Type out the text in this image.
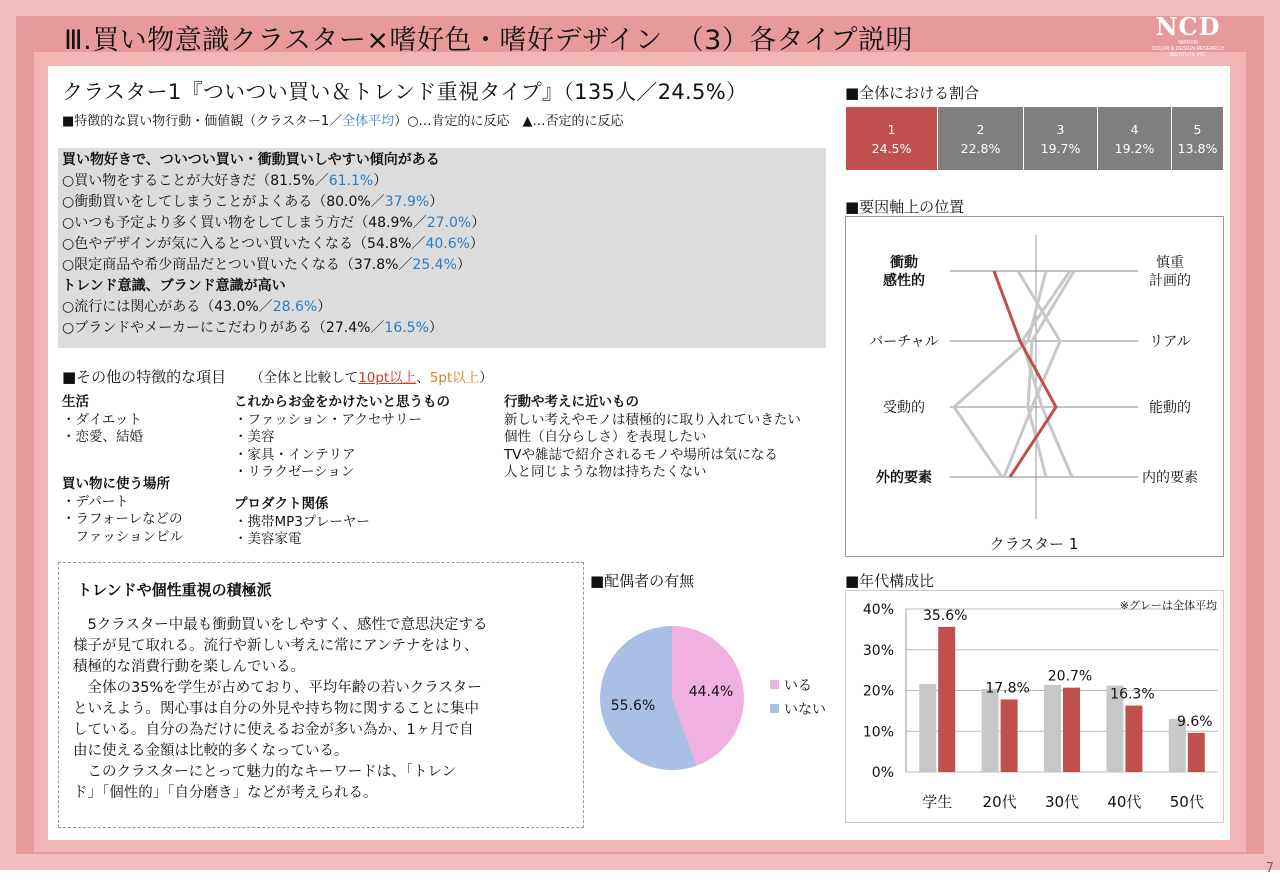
Ⅲ.買い物意識クラスター×嗜好色・嗜好デザイン　（3）各タイプ説明	NCD
NIPPON
COLOR & DESIGN RESEARCH
INSTITUTE INC.
クラスター1『ついつい買い＆トレンド重視タイプ』（135人／24.5%）
■特徴的な買い物行動・価値観（クラスター1／全体平均）○…肯定的に反応　▲…否定的に反応
買い物好きで、ついつい買い・衝動買いしやすい傾向がある
○買い物をすることが大好きだ（81.5%／61.1%）
○衝動買いをしてしまうことがよくある（80.0%／37.9%）
○いつも予定より多く買い物をしてしまう方だ（48.9%／27.0%）
○色やデザインが気に入るとつい買いたくなる（54.8%／40.6%）
○限定商品や希少商品だとつい買いたくなる（37.8%／25.4%）
トレンド意識、ブランド意識が高い
○流行には関心がある（43.0%／28.6%）
○ブランドやメーカーにこだわりがある（27.4%／16.5%）
■その他の特徴的な項目 （全体と比較して10pt以上、5pt以上）
生活
・ダイエット
・恋愛、結婚
買い物に使う場所
・デパート
・ラフォーレなどの
　ファッションビル
これからお金をかけたいと思うもの
・ファッション・アクセサリー
・美容
・家具・インテリア
・リラクゼーション
プロダクト関係
・携帯MP3プレーヤー
・美容家電
行動や考えに近いもの
新しい考えやモノは積極的に取り入れていきたい
個性（自分らしさ）を表現したい
TVや雑誌で紹介されるモノや場所は気になる
人と同じような物は持ちたくない
トレンドや個性重視の積極派
　5クラスター中最も衝動買いをしやすく、感性で意思決定する
様子が見て取れる。流行や新しい考えに常にアンテナをはり、
積極的な消費行動を楽しんでいる。
　全体の35%を学生が占めており、平均年齢の若いクラスター
といえよう。関心事は自分の外見や持ち物に関することに集中
している。自分の為だけに使えるお金が多い為か、1ヶ月で自
由に使える金額は比較的多くなっている。
　このクラスターにとって魅力的なキーワードは、「トレン
ド」「個性的」「自分磨き」などが考えられる。
■全体における割合
1
24.5%
2
22.8%
3
19.7%
4
19.2%
5
13.8%
■要因軸上の位置
衝動感性的
バーチャル
受動的
外的要素
慎重計画的
リアル
能動的
内的要素
クラスター 1
■配偶者の有無
44.4%
55.6%
いる
いない
■年代構成比
0%
10%
20%
30%
40% 35.6%
学生
17.8%
20代
20.7%
30代
16.3%
40代
9.6%
50代
※グレーは全体平均
7
